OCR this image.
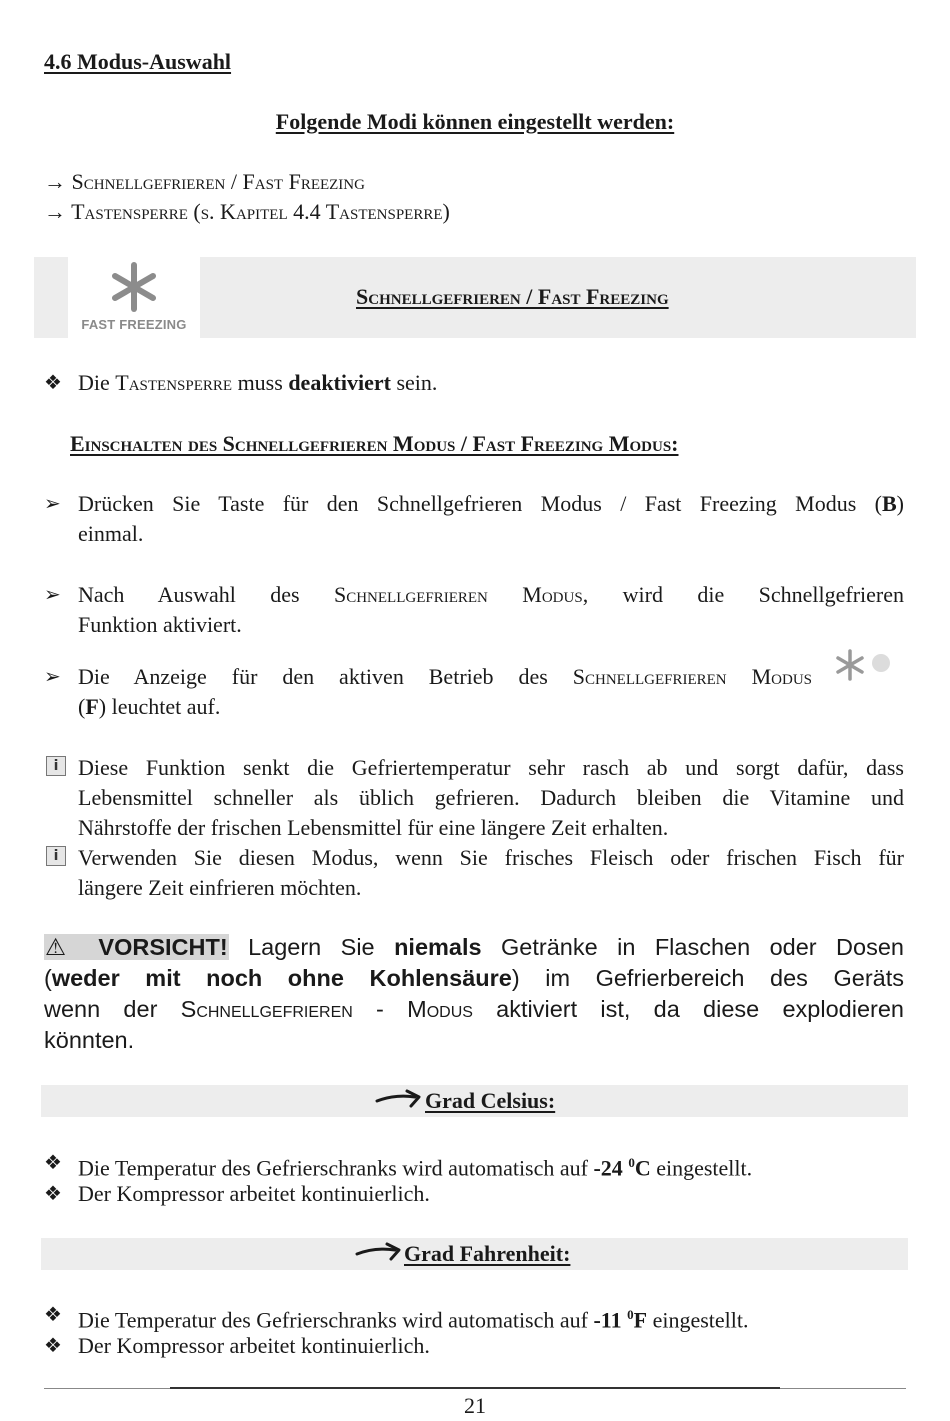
4.6 Modus-Auswahl
Folgende Modi können eingestellt werden:
→ Schnellgefrieren / Fast Freezing
→ Tastensperre (s. Kapitel 4.4 Tastensperre)
FAST FREEZING
Schnellgefrieren / Fast Freezing
❖ Die Tastensperre muss deaktiviert sein.
Einschalten des Schnellgefrieren Modus / Fast Freezing Modus:
➢ Drücken Sie Taste für den Schnellgefrieren Modus / Fast Freezing Modus (B)
einmal.
➢ Nach Auswahl des Schnellgefrieren Modus, wird die Schnellgefrieren
Funktion aktiviert.
➢ Die Anzeige für den aktiven Betrieb des Schnellgefrieren Modus
(F) leuchtet auf.
i Diese Funktion senkt die Gefriertemperatur sehr rasch ab und sorgt dafür, dass
Lebensmittel schneller als üblich gefrieren. Dadurch bleiben die Vitamine und
Nährstoffe der frischen Lebensmittel für eine längere Zeit erhalten.
i Verwenden Sie diesen Modus, wenn Sie frisches Fleisch oder frischen Fisch für
längere Zeit einfrieren möchten.
⚠ VORSICHT! Lagern Sie niemals Getränke in Flaschen oder Dosen
(weder mit noch ohne Kohlensäure) im Gefrierbereich des Geräts
wenn der Schnellgefrieren - Modus aktiviert ist, da diese explodieren
könnten.
Grad Celsius:
❖ Die Temperatur des Gefrierschranks wird automatisch auf -24 $^0$C eingestellt.
❖ Der Kompressor arbeitet kontinuierlich.
Grad Fahrenheit:
❖ Die Temperatur des Gefrierschranks wird automatisch auf -11 $^0$F eingestellt.
❖ Der Kompressor arbeitet kontinuierlich.
21
